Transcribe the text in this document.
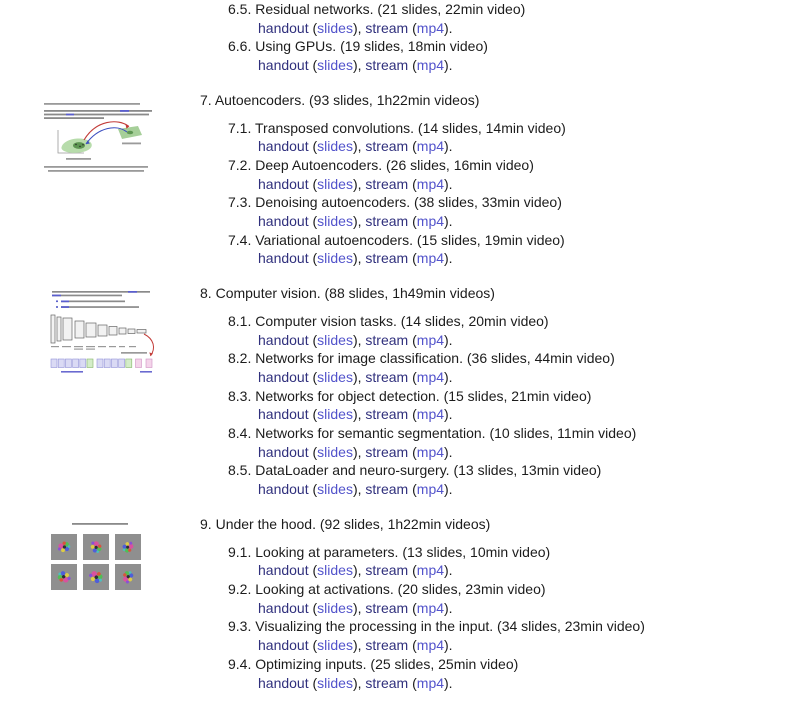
6.5. Residual networks. (21 slides, 22min video)
handout (slides), stream (mp4).
6.6. Using GPUs. (19 slides, 18min video)
handout (slides), stream (mp4).
7. Autoencoders. (93 slides, 1h22min videos)
7.1. Transposed convolutions. (14 slides, 14min video)
handout (slides), stream (mp4).
7.2. Deep Autoencoders. (26 slides, 16min video)
handout (slides), stream (mp4).
7.3. Denoising autoencoders. (38 slides, 33min video)
handout (slides), stream (mp4).
7.4. Variational autoencoders. (15 slides, 19min video)
handout (slides), stream (mp4).
8. Computer vision. (88 slides, 1h49min videos)
8.1. Computer vision tasks. (14 slides, 20min video)
handout (slides), stream (mp4).
8.2. Networks for image classification. (36 slides, 44min video)
handout (slides), stream (mp4).
8.3. Networks for object detection. (15 slides, 21min video)
handout (slides), stream (mp4).
8.4. Networks for semantic segmentation. (10 slides, 11min video)
handout (slides), stream (mp4).
8.5. DataLoader and neuro-surgery. (13 slides, 13min video)
handout (slides), stream (mp4).
9. Under the hood. (92 slides, 1h22min videos)
9.1. Looking at parameters. (13 slides, 10min video)
handout (slides), stream (mp4).
9.2. Looking at activations. (20 slides, 23min video)
handout (slides), stream (mp4).
9.3. Visualizing the processing in the input. (34 slides, 23min video)
handout (slides), stream (mp4).
9.4. Optimizing inputs. (25 slides, 25min video)
handout (slides), stream (mp4).
